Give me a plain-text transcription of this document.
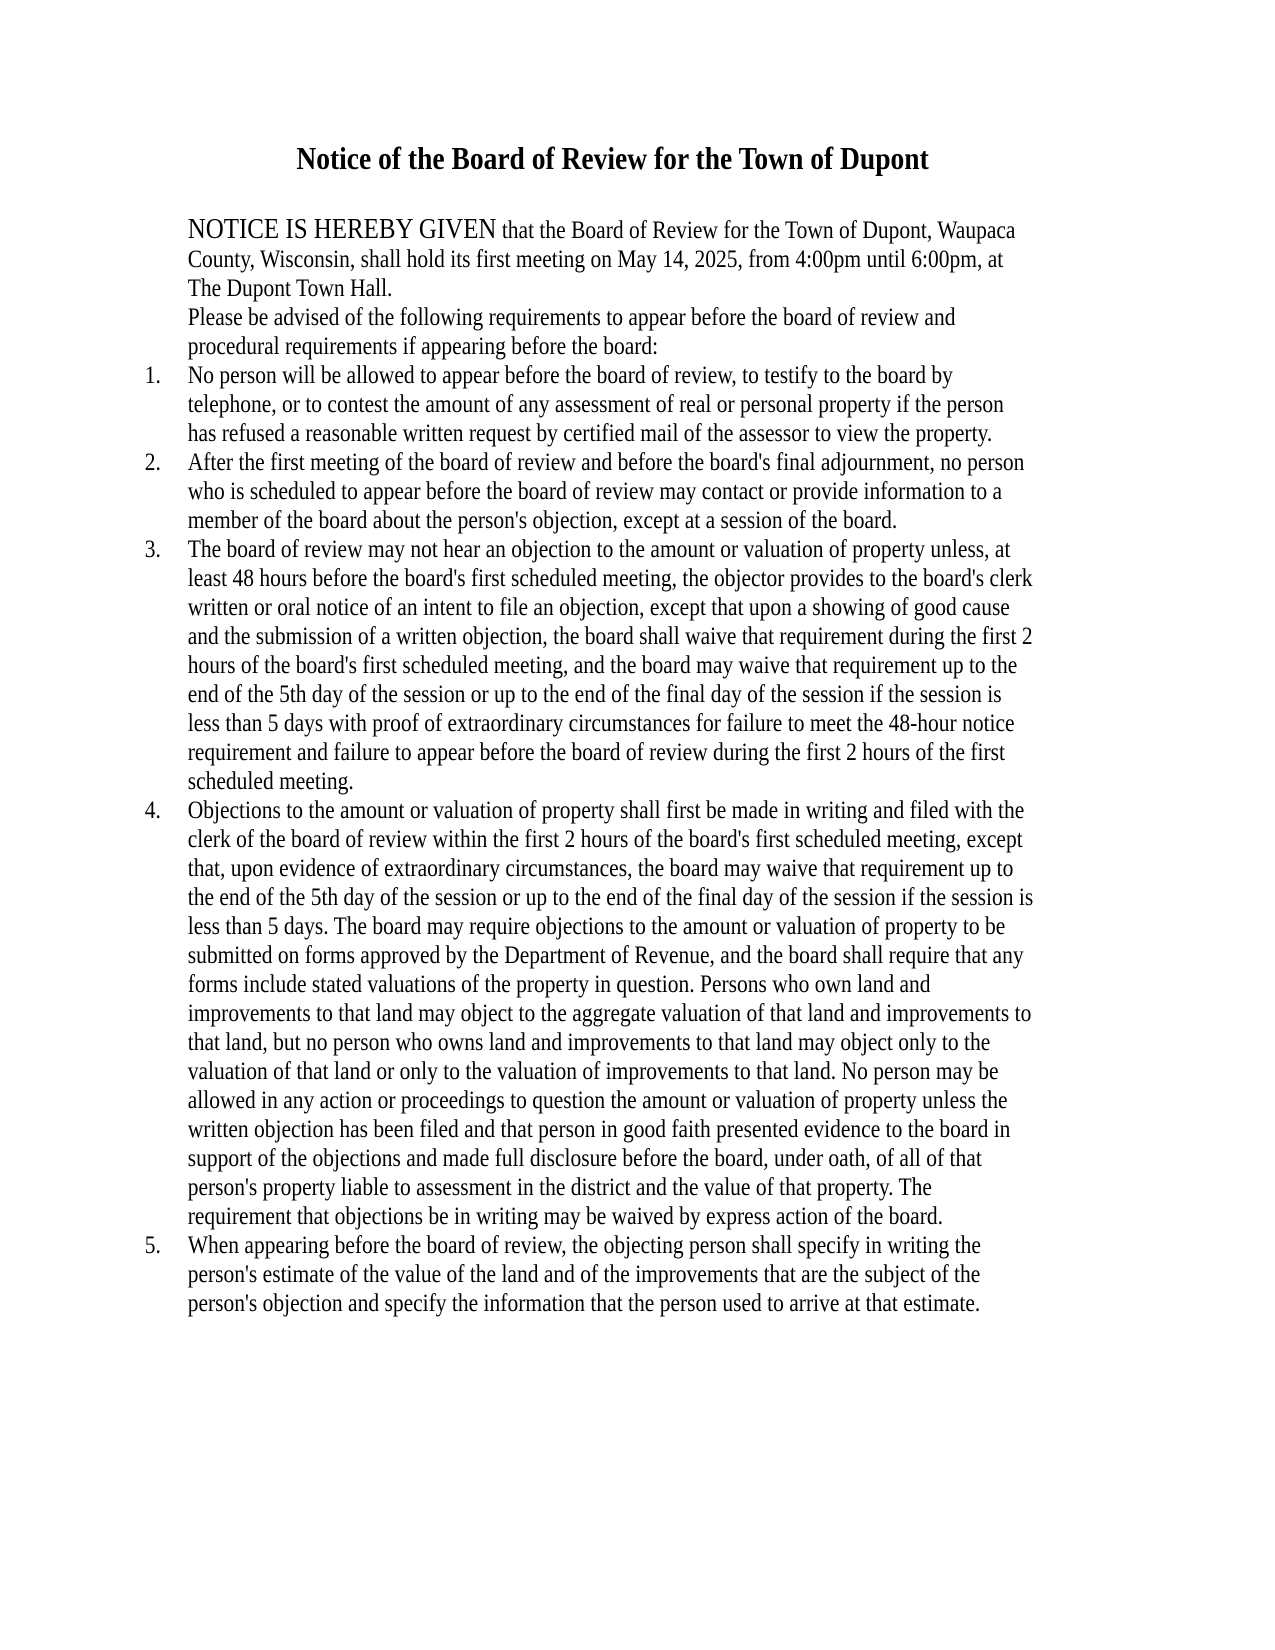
Notice of the Board of Review for the Town of Dupont

NOTICE IS HEREBY GIVEN that the Board of Review for the Town of Dupont, Waupaca County, Wisconsin, shall hold its first meeting on May 14, 2025, from 4:00pm until 6:00pm, at The Dupont Town Hall.

Please be advised of the following requirements to appear before the board of review and procedural requirements if appearing before the board:

1.	No person will be allowed to appear before the board of review, to testify to the board by telephone, or to contest the amount of any assessment of real or personal property if the person has refused a reasonable written request by certified mail of the assessor to view the property.
2.	After the first meeting of the board of review and before the board's final adjournment, no person who is scheduled to appear before the board of review may contact or provide information to a member of the board about the person's objection, except at a session of the board.
3.	The board of review may not hear an objection to the amount or valuation of property unless, at least 48 hours before the board's first scheduled meeting, the objector provides to the board's clerk written or oral notice of an intent to file an objection, except that upon a showing of good cause and the submission of a written objection, the board shall waive that requirement during the first 2 hours of the board's first scheduled meeting, and the board may waive that requirement up to the end of the 5th day of the session or up to the end of the final day of the session if the session is less than 5 days with proof of extraordinary circumstances for failure to meet the 48-hour notice requirement and failure to appear before the board of review during the first 2 hours of the first scheduled meeting.
4.	Objections to the amount or valuation of property shall first be made in writing and filed with the clerk of the board of review within the first 2 hours of the board's first scheduled meeting, except that, upon evidence of extraordinary circumstances, the board may waive that requirement up to the end of the 5th day of the session or up to the end of the final day of the session if the session is less than 5 days. The board may require objections to the amount or valuation of property to be submitted on forms approved by the Department of Revenue, and the board shall require that any forms include stated valuations of the property in question. Persons who own land and improvements to that land may object to the aggregate valuation of that land and improvements to that land, but no person who owns land and improvements to that land may object only to the valuation of that land or only to the valuation of improvements to that land. No person may be allowed in any action or proceedings to question the amount or valuation of property unless the written objection has been filed and that person in good faith presented evidence to the board in support of the objections and made full disclosure before the board, under oath, of all of that person's property liable to assessment in the district and the value of that property. The requirement that objections be in writing may be waived by express action of the board.
5.	When appearing before the board of review, the objecting person shall specify in writing the person's estimate of the value of the land and of the improvements that are the subject of the person's objection and specify the information that the person used to arrive at that estimate.
